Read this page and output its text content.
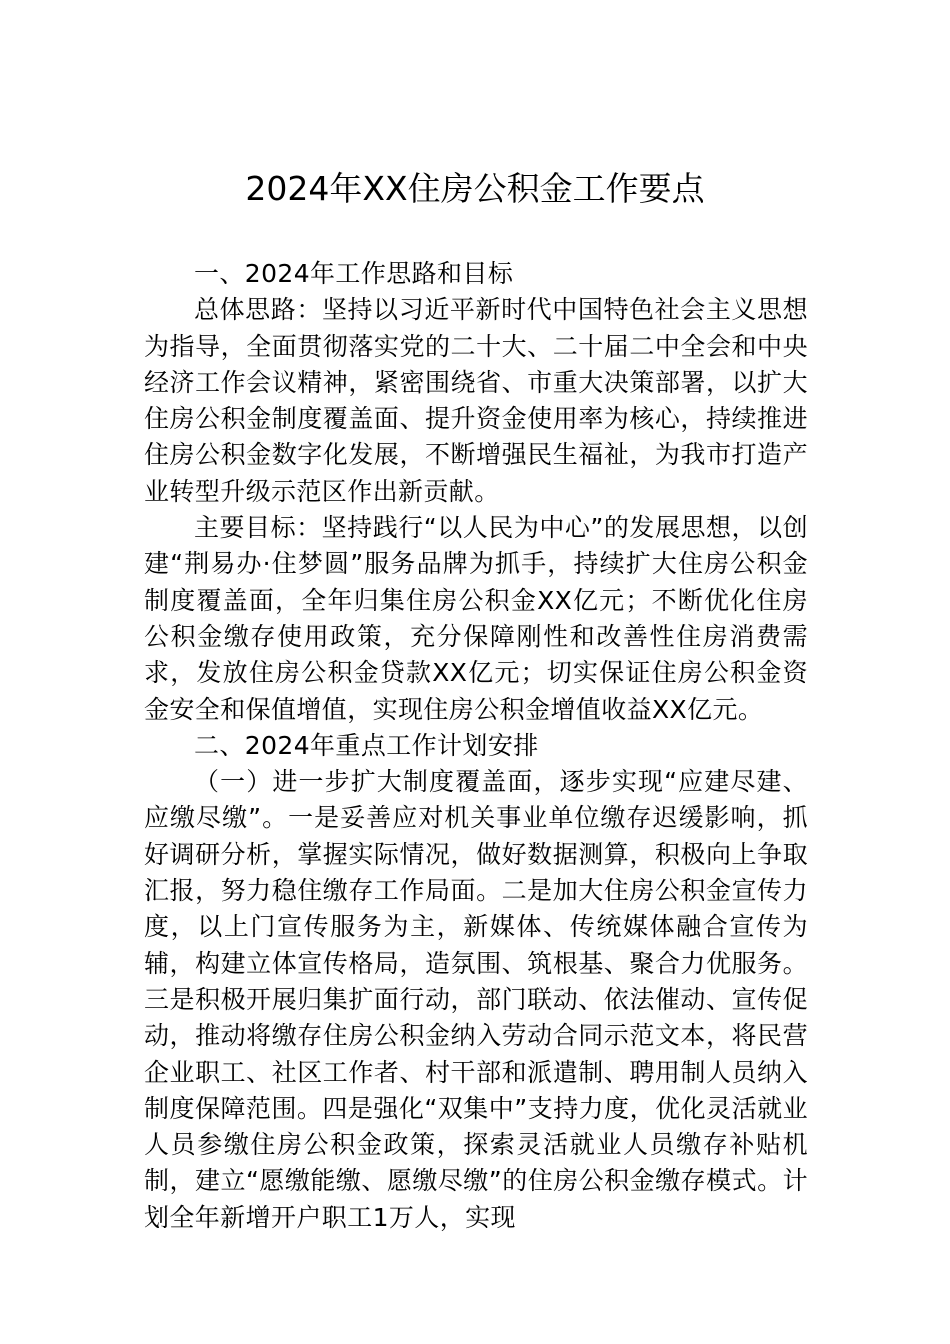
2024年XX住房公积金工作要点

一、2024年工作思路和目标

总体思路：坚持以习近平新时代中国特色社会主义思想为指导，全面贯彻落实党的二十大、二十届二中全会和中央经济工作会议精神，紧密围绕省、市重大决策部署，以扩大住房公积金制度覆盖面、提升资金使用率为核心，持续推进住房公积金数字化发展，不断增强民生福祉，为我市打造产业转型升级示范区作出新贡献。

主要目标：坚持践行“以人民为中心”的发展思想，以创建“荆易办·住梦圆”服务品牌为抓手，持续扩大住房公积金制度覆盖面，全年归集住房公积金XX亿元；不断优化住房公积金缴存使用政策，充分保障刚性和改善性住房消费需求，发放住房公积金贷款XX亿元；切实保证住房公积金资金安全和保值增值，实现住房公积金增值收益XX亿元。

二、2024年重点工作计划安排

（一）进一步扩大制度覆盖面，逐步实现“应建尽建、应缴尽缴”。一是妥善应对机关事业单位缴存迟缓影响，抓好调研分析，掌握实际情况，做好数据测算，积极向上争取汇报，努力稳住缴存工作局面。二是加大住房公积金宣传力度，以上门宣传服务为主，新媒体、传统媒体融合宣传为辅，构建立体宣传格局，造氛围、筑根基、聚合力优服务。三是积极开展归集扩面行动，部门联动、依法催动、宣传促动，推动将缴存住房公积金纳入劳动合同示范文本，将民营企业职工、社区工作者、村干部和派遣制、聘用制人员纳入制度保障范围。四是强化“双集中”支持力度，优化灵活就业人员参缴住房公积金政策，探索灵活就业人员缴存补贴机制，建立“愿缴能缴、愿缴尽缴”的住房公积金缴存模式。计划全年新增开户职工1万人，实现
